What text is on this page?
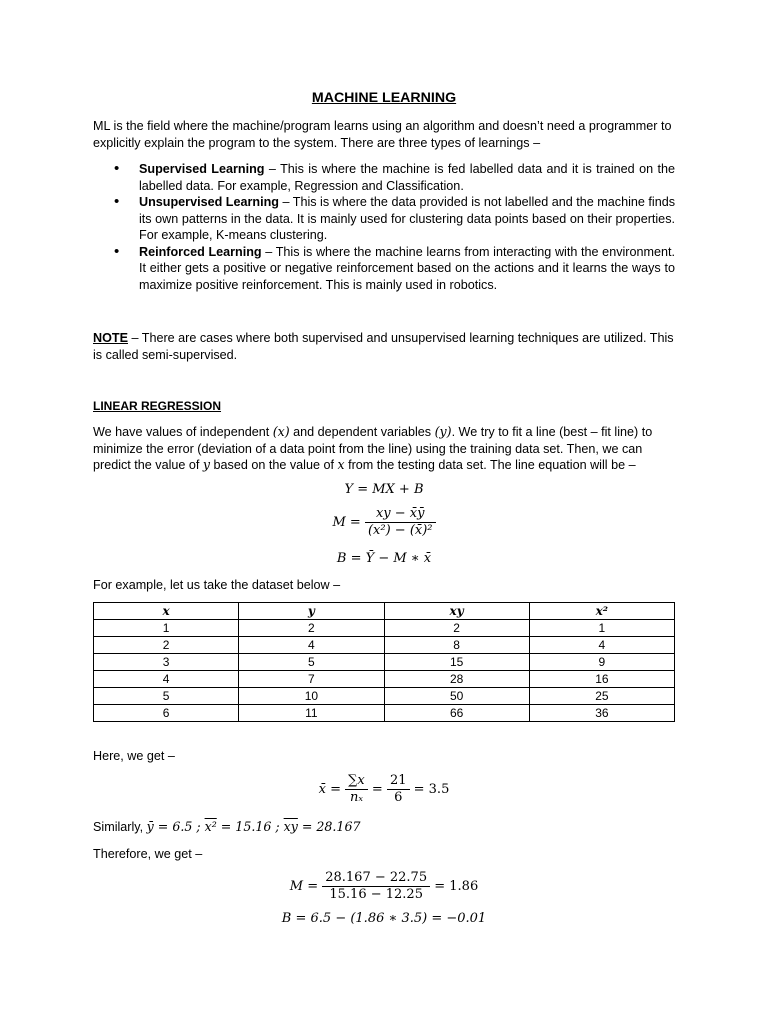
MACHINE LEARNING
ML is the field where the machine/program learns using an algorithm and doesn’t need a programmer to explicitly explain the program to the system. There are three types of learnings –
• Supervised Learning – This is where the machine is fed labelled data and it is trained on the labelled data. For example, Regression and Classification.
• Unsupervised Learning – This is where the data provided is not labelled and the machine finds its own patterns in the data. It is mainly used for clustering data points based on their properties. For example, K-means clustering.
• Reinforced Learning – This is where the machine learns from interacting with the environment. It either gets a positive or negative reinforcement based on the actions and it learns the ways to maximize positive reinforcement. This is mainly used in robotics.
NOTE – There are cases where both supervised and unsupervised learning techniques are utilized. This is called semi-supervised.
LINEAR REGRESSION
We have values of independent (x) and dependent variables (y). We try to fit a line (best – fit line) to minimize the error (deviation of a data point from the line) using the training data set. Then, we can predict the value of y based on the value of x from the testing data set. The line equation will be –
Y = MX + B
$M = \frac{xy - x̄ȳ}{\text{(x²) − (x̄)²}}$
B = Ȳ − M ∗ x̄
For example, let us take the dataset below –
x	y	xy	x²
1	2	2	1
2	4	8	4
3	5	15	9
4	7	28	16
5	10	50	25
6	11	66	36
Here, we get –
x̄ = $\frac{\sum x}{\text{nₓ}} = \frac{21}{6} = 3.5$
Similarly, ȳ = 6.5 ; x² = 15.16 ; $\overline{xy} = 28.167$
Therefore, we get –
$M = \frac{28.167 - 22.75}{15.16 - 12.25} = 1.86$
B = 6.5 − (1.86 ∗ 3.5) = −0.01
